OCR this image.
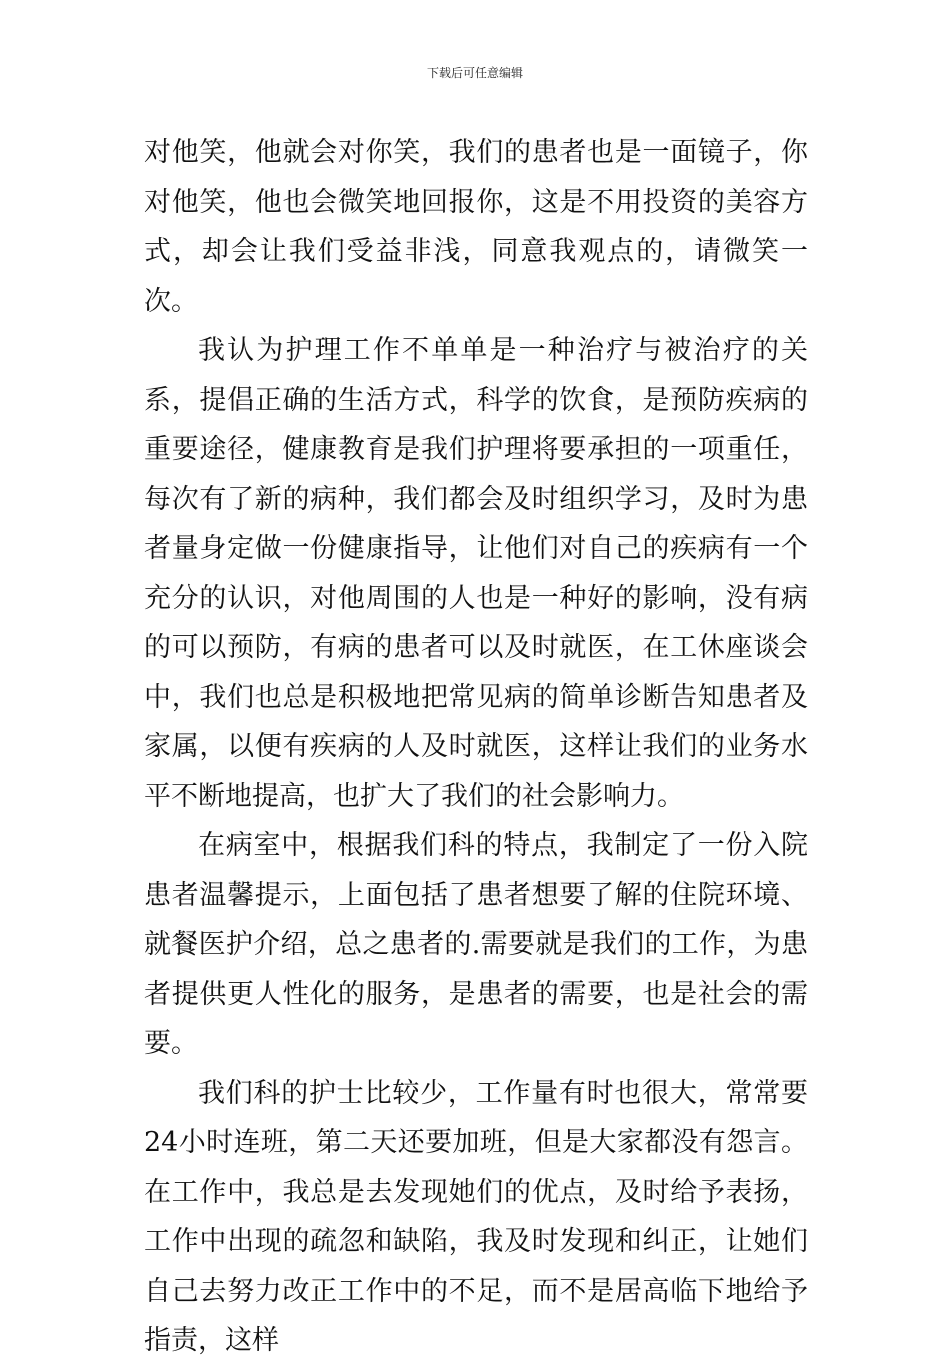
下载后可任意编辑

对他笑，他就会对你笑，我们的患者也是一面镜子，你对他笑，他也会微笑地回报你，这是不用投资的美容方式，却会让我们受益非浅，同意我观点的，请微笑一次。

我认为护理工作不单单是一种治疗与被治疗的关系，提倡正确的生活方式，科学的饮食，是预防疾病的重要途径，健康教育是我们护理将要承担的一项重任，每次有了新的病种，我们都会及时组织学习，及时为患者量身定做一份健康指导，让他们对自己的疾病有一个充分的认识，对他周围的人也是一种好的影响，没有病的可以预防，有病的患者可以及时就医，在工休座谈会中，我们也总是积极地把常见病的简单诊断告知患者及家属，以便有疾病的人及时就医，这样让我们的业务水平不断地提高，也扩大了我们的社会影响力。

在病室中，根据我们科的特点，我制定了一份入院患者温馨提示，上面包括了患者想要了解的住院环境、就餐医护介绍，总之患者的.需要就是我们的工作，为患者提供更人性化的服务，是患者的需要，也是社会的需要。

我们科的护士比较少，工作量有时也很大，常常要24小时连班，第二天还要加班，但是大家都没有怨言。在工作中，我总是去发现她们的优点，及时给予表扬，工作中出现的疏忽和缺陷，我及时发现和纠正，让她们自己去努力改正工作中的不足，而不是居高临下地给予指责，这样
